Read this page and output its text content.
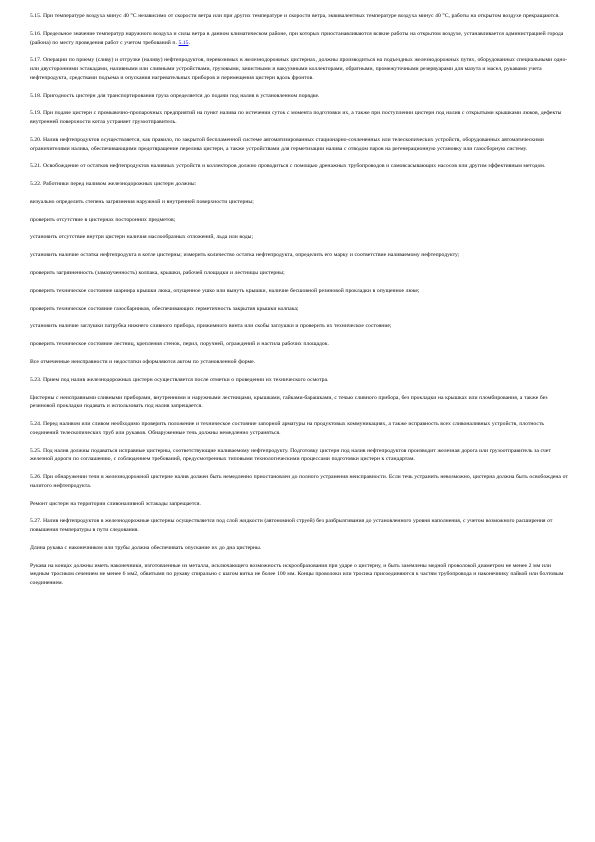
5.15. При температуре воздуха минус 40 °С независимо от скорости ветра или при других температуре и скорости ветра, эквивалентных температуре воздуха минус 40 °С, работы на открытом воздухе прекращаются.

5.16. Предельное значение температур наружного воздуха и силы ветра в данном климатическом районе, при которых приостанавливаются всякие работы на открытом воздухе, устанавливается администрацией города (района) по месту проведения работ с учетом требований п. 5.15.

5.17. Операции по приему (сливу) и отгрузке (наливу) нефтепродуктов, перевозимых в железнодорожных цистернах, должны производиться на подъездных железнодорожных путях, оборудованных специальными одно- или двусторонними эстакадами, наливными или сливными устройствами, грузовыми, зачистными и вакуумными коллекторами, обратными, промежуточными резервуарами для мазута и масел, рукавами учета нефтепродукта, средствами подъема и опускания нагревательных приборов и перемещения цистерн вдоль фронтов.

5.18. Пригодность цистерн для транспортирования груза определяется до подачи под налив в установленном порядке.

5.19. При подаче цистерн с промывочно-пропарочных предприятий на пункт налива по истечении суток с момента подготовки их, а также при поступлении цистерн под налив с открытыми крышками люков, дефекты внутренней поверхности котла устраняет грузоотправитель.

5.20. Налив нефтепродуктов осуществляется, как правило, по закрытой беспламенной системе автоматизированных стационарно-сочлененных или телескопических устройств, оборудованных автоматическими ограничителями налива, обеспечивающими предотвращение перелива цистерн, а также устройствами для герметизации налива с отводом паров на регенерационную установку или газосборную систему.

5.21. Освобождение от остатков нефтепродуктов наливных устройств и коллекторов должно проводиться с помощью дренажных трубопроводов и самовсасывающих насосов или другим эффективным методом.

5.22. Работники перед наливом железнодорожных цистерн должны:

визуально определить степень загрязнения наружной и внутренней поверхности цистерны;

проверить отсутствие в цистернах посторонних предметов;

установить отсутствие внутри цистерн наличия маслообразных отложений, льда или воды;

установить наличие остатка нефтепродукта в котле цистерны; измерить количество остатка нефтепродукта, определить его марку и соответствие наливаемому нефтепродукту;

проверить загрязненность (замазученность) колпака, крышки, рабочей площадки и лестницы цистерны;

проверить техническое состояние шарнира крышки люка, опущенное ушко или вынуть крышки, наличие бесшовной резиновой прокладки в опущенное люке;

проверить техническое состояние газосбарников, обеспечивающих герметичность закрытия крышки колпака;

установить наличие заглушки патрубка нижнего сливного прибора, прижимного винта или скобы заглушки и проверить их техническое состояние;

проверить техническое состояние лестниц, крепления стенок, перил, поручней, ограждений и настила рабочих площадок.

Все отмеченные неисправности и недостатки оформляются актом по установленной форме.

5.23. Прием под налив железнодорожных цистерн осуществляется после отметки о проведении их технического осмотра.

Цистерны с неисправными сливными приборами, внутренними и наружными лестницами, крышками, гайками-барашками, с течью сливного прибора, без прокладки на крышках или пломбирования, а также без резиновой прокладки подавать и использовать под налив запрещается.

5.24. Перед наливом или сливом необходимо проверить положение и техническое состояние запорной арматуры на продуктовых коммуникациях, а также исправность всех сливоналивных устройств, плотность соединений телескопических труб или рукавов. Обнаруженные течь должны немедленно устраняться.

5.25. Под налив должны подаваться исправные цистерны, соответствующие наливаемому нефтепродукту. Подготовку цистерн под налив нефтепродуктов производит железная дорога или грузоотправитель за счет железной дороги по соглашению, с соблюдением требований, предусмотренных типовыми технологическими процессами подготовки цистерн к стандартам.

5.26. При обнаружении течи в железнодорожной цистерне налив должен быть немедленно приостановлен до полного устранения неисправности. Если течь устранить невозможно, цистерна должна быть освобождена от налитого нефтепродукта.

Ремонт цистерн на территории сливоналивной эстакады запрещается.

5.27. Налив нефтепродуктов в железнодорожные цистерны осуществляется под слой жидкости (автономной струей) без разбрызгивания до установленного уровня наполнения, с учетом возможного расширения от повышения температуры в пути следования.

Длина рукава с наконечником или трубы должна обеспечивать опускание их до дна цистерны.

Рукава на концах должны иметь наконечники, изготовленные из металла, исключающего возможность искрообразования при ударе о цистерну, и быть заземлены медной проволокой диаметром не менее 2 мм или медным тросиком сечением не менее 6 мм2, обвитыми по рукаву спирально с шагом витка не более 100 мм. Концы проволоки или тросика присоединяются к частям трубопровода и наконечнику пайкой или болтовым соединением.
